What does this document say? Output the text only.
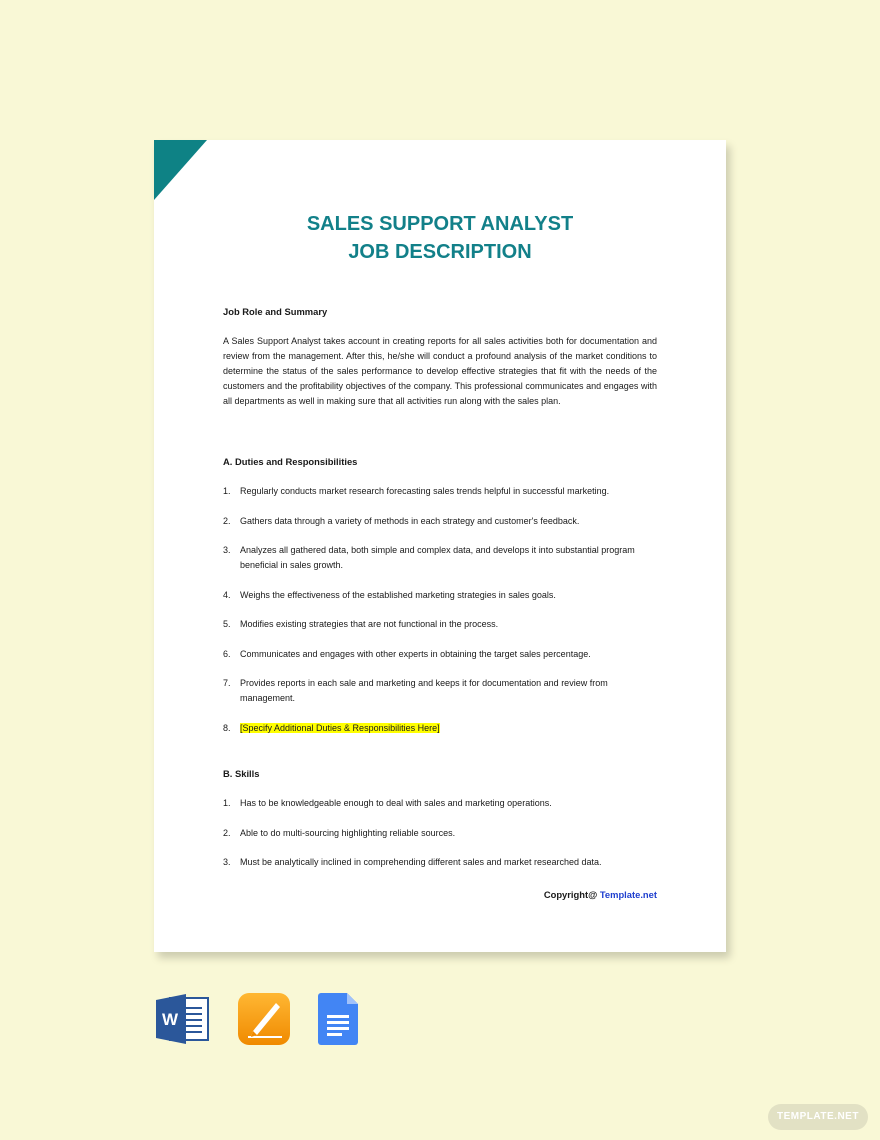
SALES SUPPORT ANALYST
JOB DESCRIPTION
Job Role and Summary
A Sales Support Analyst takes account in creating reports for all sales activities both for documentation and review from the management. After this, he/she will conduct a profound analysis of the market conditions to determine the status of the sales performance to develop effective strategies that fit with the needs of the customers and the profitability objectives of the company. This professional communicates and engages with all departments as well in making sure that all activities run along with the sales plan.
A. Duties and Responsibilities
1. Regularly conducts market research forecasting sales trends helpful in successful marketing.
2. Gathers data through a variety of methods in each strategy and customer's feedback.
3. Analyzes all gathered data, both simple and complex data, and develops it into substantial program beneficial in sales growth.
4. Weighs the effectiveness of the established marketing strategies in sales goals.
5. Modifies existing strategies that are not functional in the process.
6. Communicates and engages with other experts in obtaining the target sales percentage.
7. Provides reports in each sale and marketing and keeps it for documentation and review from management.
8. [Specify Additional Duties & Responsibilities Here]
B. Skills
1. Has to be knowledgeable enough to deal with sales and marketing operations.
2. Able to do multi-sourcing highlighting reliable sources.
3. Must be analytically inclined in comprehending different sales and market researched data.
Copyright@ Template.net
W
TEMPLATE.NET
